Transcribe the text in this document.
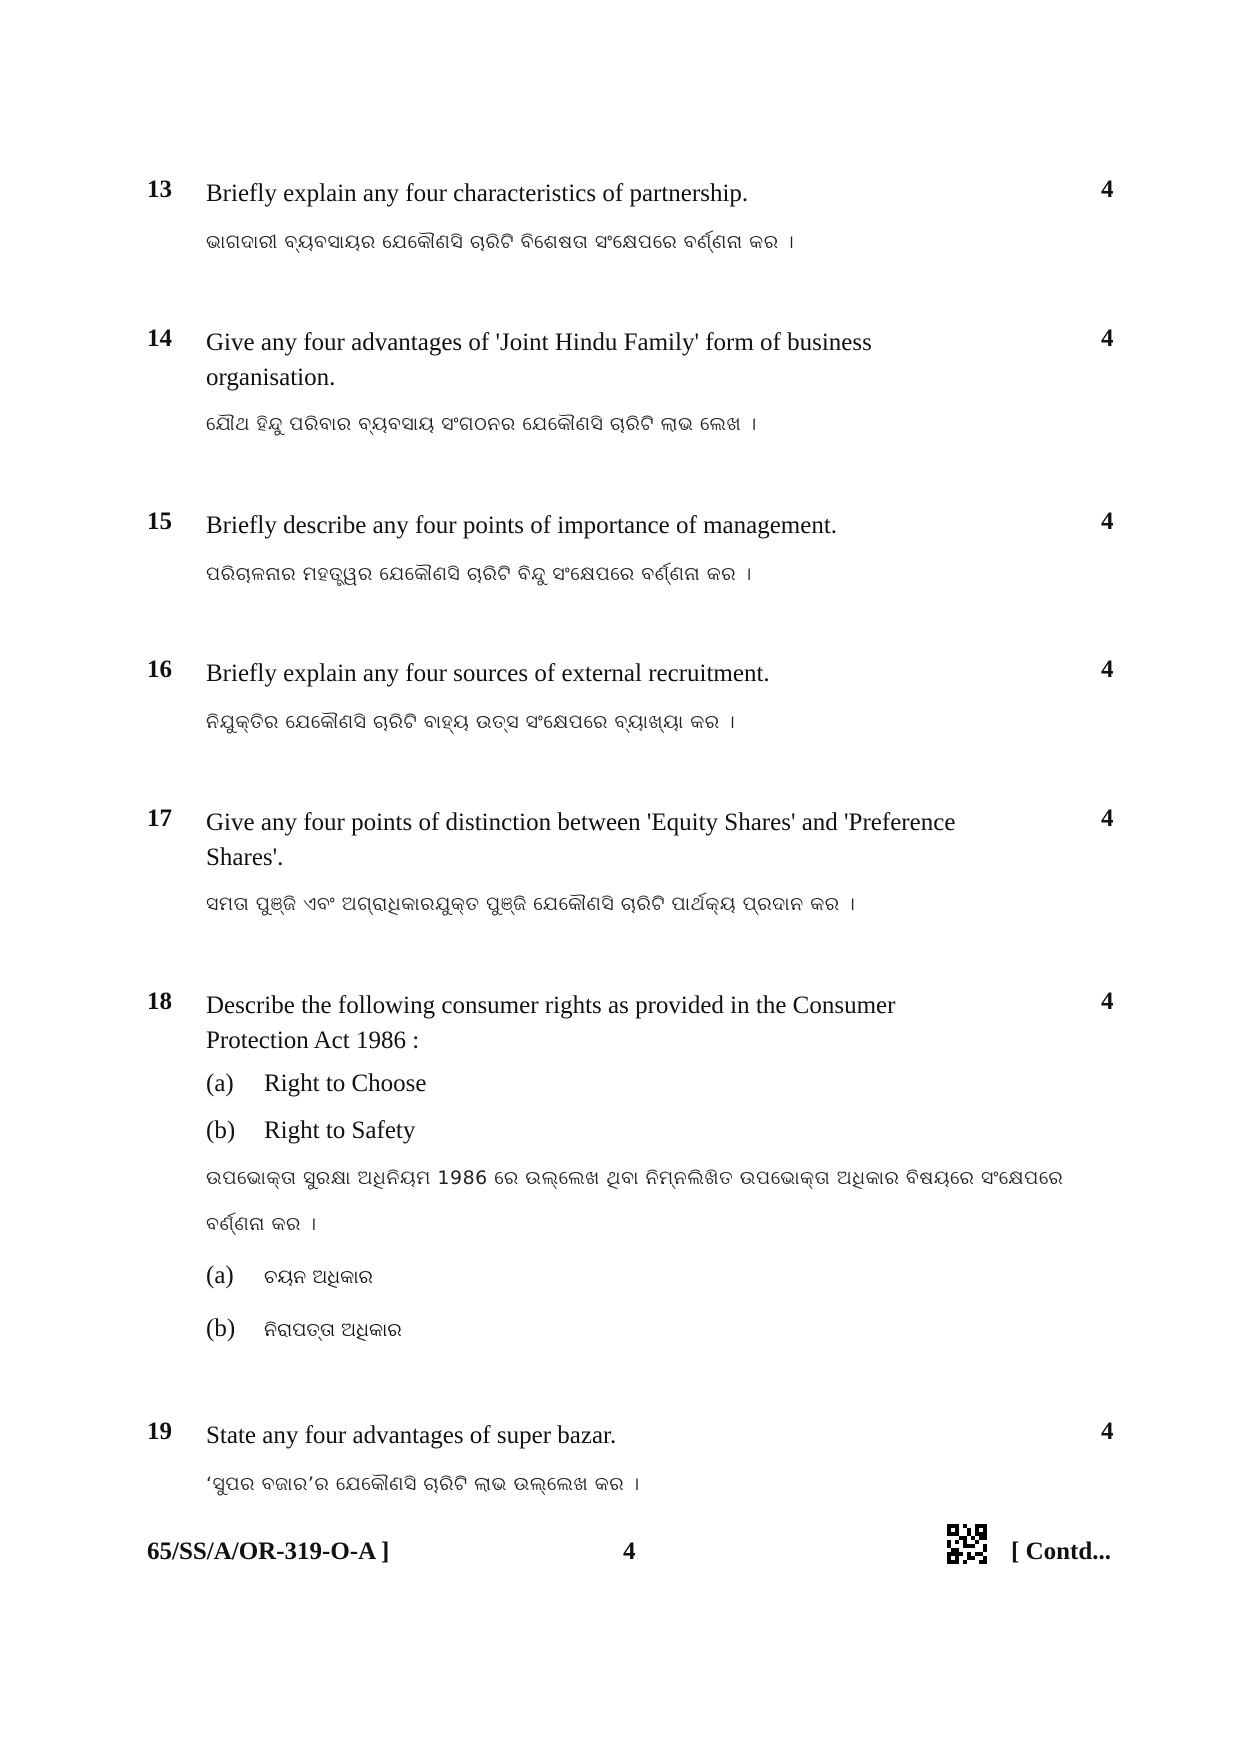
13 Briefly explain any four characteristics of partnership.	4
ଭାଗଦାରୀ ବ୍ୟବସାୟର ଯେକୌଣସି ଚାରିଟି ବିଶେଷତା ସଂକ୍ଷେପରେ ବର୍ଣ୍ଣନା କର ।
14 Give any four advantages of 'Joint Hindu Family' form of business organisation.
4
ଯୌଥ ହିନ୍ଦୁ ପରିବାର ବ୍ୟବସାୟ ସଂଗଠନର ଯେକୌଣସି ଚାରିଟି ଲାଭ ଲେଖ ।
15 Briefly describe any four points of importance of management.	4
ପରିଚାଳନାର ମହତ୍ତ୍ୱର ଯେକୌଣସି ଚାରିଟି ବିନ୍ଦୁ ସଂକ୍ଷେପରେ ବର୍ଣ୍ଣନା କର ।
16 Briefly explain any four sources of external recruitment.	4
ନିଯୁକ୍ତିର ଯେକୌଣସି ଚାରିଟି ବାହ୍ୟ ଉତ୍ସ ସଂକ୍ଷେପରେ ବ୍ୟାଖ୍ୟା କର ।
17 Give any four points of distinction between 'Equity Shares' and 'Preference Shares'.
4
ସମତା ପୁଞ୍ଜି ଏବଂ ଅଗ୍ରାଧିକାରଯୁକ୍ତ ପୁଞ୍ଜି ଯେକୌଣସି ଚାରିଟି ପାର୍ଥକ୍ୟ ପ୍ରଦାନ କର ।
18 Describe the following consumer rights as provided in the Consumer Protection Act 1986 :
4
(a) Right to Choose
(b) Right to Safety
ଉପଭୋକ୍ତା ସୁରକ୍ଷା ଅଧିନିୟମ 1986 ରେ ଉଲ୍ଲେଖ ଥିବା ନିମ୍ନଲିଖିତ ଉପଭୋକ୍ତା ଅଧିକାର ବିଷୟରେ ସଂକ୍ଷେପରେ
ବର୍ଣ୍ଣନା କର ।
(a) ଚୟନ ଅଧିକାର
(b) ନିରାପତ୍ତା ଅଧିକାର
19 State any four advantages of super bazar.	4
‘ସୁପର ବଜାର’ର ଯେକୌଣସି ଚାରିଟି ଲାଭ ଉଲ୍ଲେଖ କର ।
65/SS/A/OR-319-O-A ]	4	[ Contd...
